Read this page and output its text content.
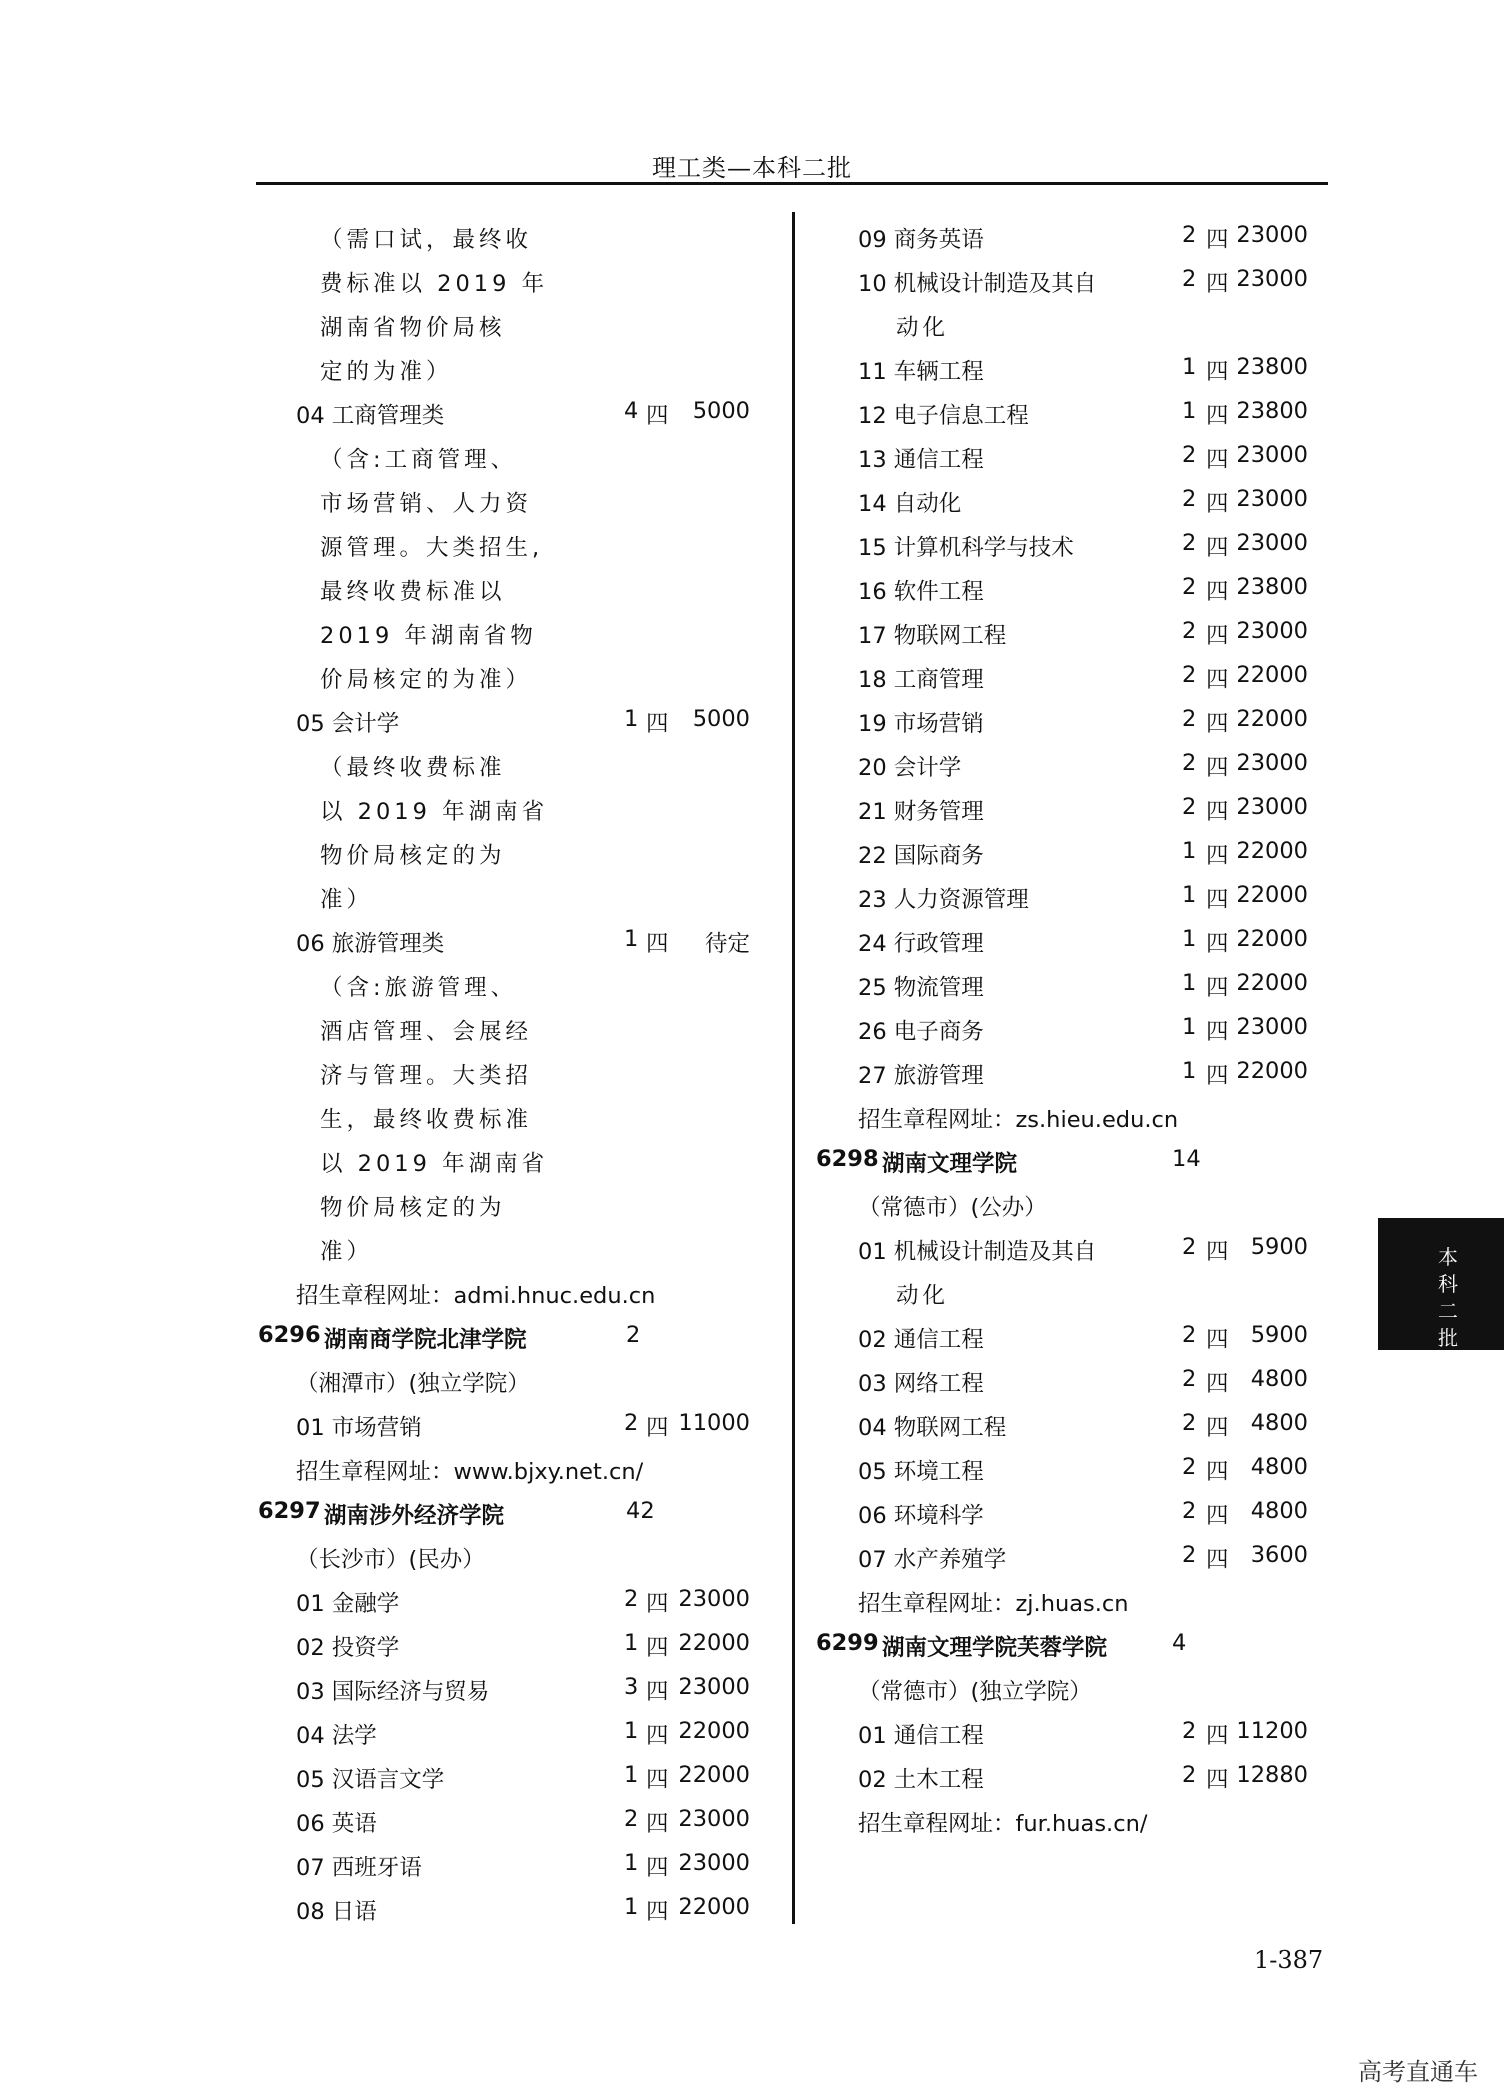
理工类—本科二批
（需口试，最终收
费标准以 2019 年
湖南省物价局核
定的为准）
04 工商管理类	4 四 5000
（含:工商管理、
市场营销、人力资
源管理。大类招生,
最终收费标准以
2019 年湖南省物
价局核定的为准）
05 会计学	1 四 5000
（最终收费标准
以 2019 年湖南省
物价局核定的为
准）
06 旅游管理类	1 四 待定
（含:旅游管理、
酒店管理、会展经
济与管理。大类招
生，最终收费标准
以 2019 年湖南省
物价局核定的为
准）
招生章程网址：admi.hnuc.edu.cn
6296 湖南商学院北津学院	2
（湘潭市）(独立学院）
01 市场营销	2 四 11000
招生章程网址：www.bjxy.net.cn/
6297 湖南涉外经济学院	42
（长沙市）(民办）
01 金融学	2 四 23000
02 投资学	1 四 22000
03 国际经济与贸易	3 四 23000
04 法学	1 四 22000
05 汉语言文学	1 四 22000
06 英语	2 四 23000
07 西班牙语	1 四 23000
08 日语	1 四 22000
09 商务英语	2 四 23000
10 机械设计制造及其自	2 四 23000
动化
11 车辆工程	1 四 23800
12 电子信息工程	1 四 23800
13 通信工程	2 四 23000
14 自动化	2 四 23000
15 计算机科学与技术	2 四 23000
16 软件工程	2 四 23800
17 物联网工程	2 四 23000
18 工商管理	2 四 22000
19 市场营销	2 四 22000
20 会计学	2 四 23000
21 财务管理	2 四 23000
22 国际商务	1 四 22000
23 人力资源管理	1 四 22000
24 行政管理	1 四 22000
25 物流管理	1 四 22000
26 电子商务	1 四 23000
27 旅游管理	1 四 22000
招生章程网址：zs.hieu.edu.cn
6298 湖南文理学院	14
（常德市）(公办）
01 机械设计制造及其自	2 四 5900
动化
02 通信工程	2 四 5900
03 网络工程	2 四 4800
04 物联网工程	2 四 4800
05 环境工程	2 四 4800
06 环境科学	2 四 4800
07 水产养殖学	2 四 3600
招生章程网址：zj.huas.cn
6299 湖南文理学院芙蓉学院	4
（常德市）(独立学院）
01 通信工程	2 四 11200
02 土木工程	2 四 12880
招生章程网址：fur.huas.cn/
本科二批
1-387
高考直通车
